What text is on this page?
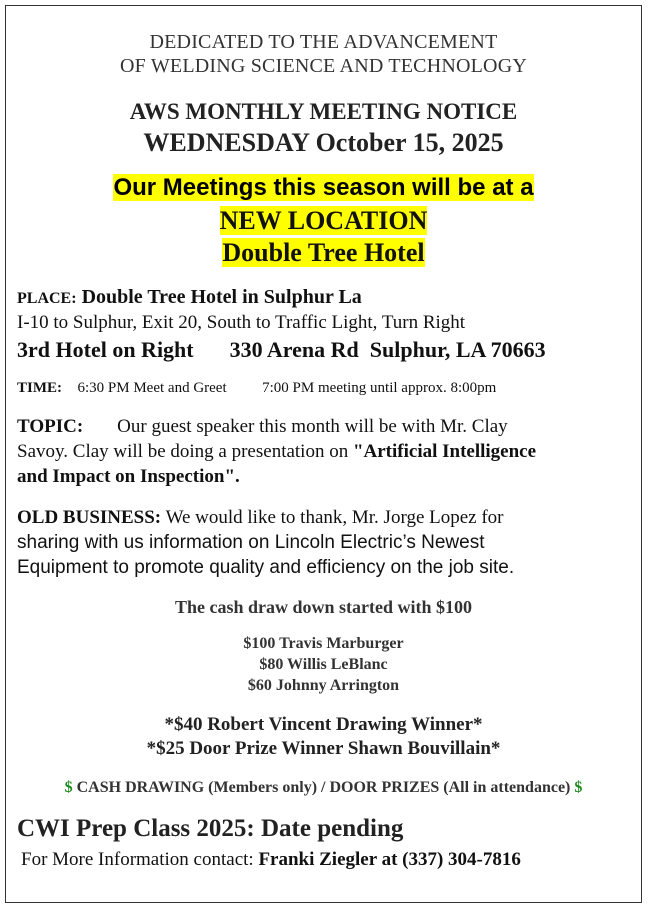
DEDICATED TO THE ADVANCEMENT
OF WELDING SCIENCE AND TECHNOLOGY
AWS MONTHLY MEETING NOTICE
WEDNESDAY October 15, 2025
Our Meetings this season will be at a
NEW LOCATION
Double Tree Hotel
PLACE: Double Tree Hotel in Sulphur La
I-10 to Sulphur, Exit 20, South to Traffic Light, Turn Right
3rd Hotel on Right 330 Arena Rd  Sulphur, LA 70663
TIME: 6:30 PM Meet and Greet 7:00 PM meeting until approx. 8:00pm
TOPIC: Our guest speaker this month will be with Mr. Clay
Savoy. Clay will be doing a presentation on "Artificial Intelligence
and Impact on Inspection".
OLD BUSINESS: We would like to thank, Mr. Jorge Lopez for
sharing with us information on Lincoln Electric’s Newest
Equipment to promote quality and efficiency on the job site.
The cash draw down started with $100
$100 Travis Marburger
$80 Willis LeBlanc
$60 Johnny Arrington
*$40 Robert Vincent Drawing Winner*
*$25 Door Prize Winner Shawn Bouvillain*
$ CASH DRAWING (Members only) / DOOR PRIZES (All in attendance) $
CWI Prep Class 2025: Date pending
For More Information contact: Franki Ziegler at (337) 304-7816
